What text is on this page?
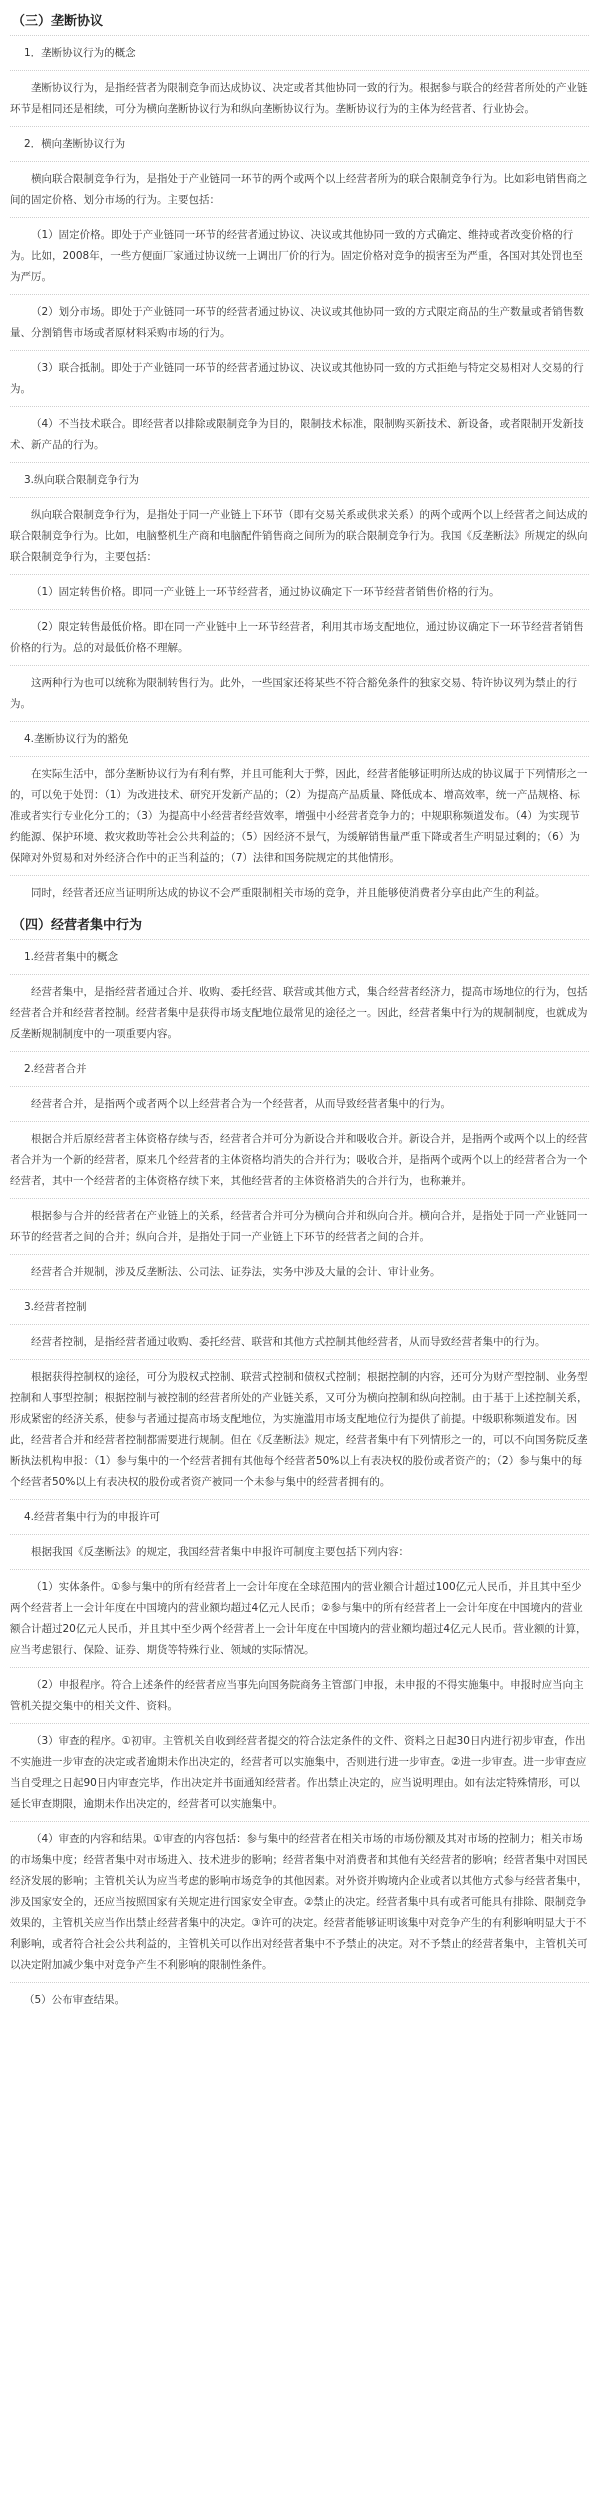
（三）垄断协议
1．垄断协议行为的概念
垄断协议行为，是指经营者为限制竞争而达成协议、决定或者其他协同一致的行为。根据参与联合的经营者所处的产业链环节是相同还是相续，可分为横向垄断协议行为和纵向垄断协议行为。垄断协议行为的主体为经营者、行业协会。
2．横向垄断协议行为
横向联合限制竞争行为，是指处于产业链同一环节的两个或两个以上经营者所为的联合限制竞争行为。比如彩电销售商之间的固定价格、划分市场的行为。主要包括：
（1）固定价格。即处于产业链同一环节的经营者通过协议、决议或其他协同一致的方式确定、维持或者改变价格的行为。比如，2008年，一些方便面厂家通过协议统一上调出厂价的行为。固定价格对竞争的损害至为严重，各国对其处罚也至为严厉。
（2）划分市场。即处于产业链同一环节的经营者通过协议、决议或其他协同一致的方式限定商品的生产数量或者销售数量、分割销售市场或者原材料采购市场的行为。
（3）联合抵制。即处于产业链同一环节的经营者通过协议、决议或其他协同一致的方式拒绝与特定交易相对人交易的行为。
（4）不当技术联合。即经营者以排除或限制竞争为目的，限制技术标准，限制购买新技术、新设备，或者限制开发新技术、新产品的行为。
3.纵向联合限制竞争行为
纵向联合限制竞争行为，是指处于同一产业链上下环节（即有交易关系或供求关系）的两个或两个以上经营者之间达成的联合限制竞争行为。比如，电脑整机生产商和电脑配件销售商之间所为的联合限制竞争行为。我国《反垄断法》所规定的纵向联合限制竞争行为，主要包括：
（1）固定转售价格。即同一产业链上一环节经营者，通过协议确定下一环节经营者销售价格的行为。
（2）限定转售最低价格。即在同一产业链中上一环节经营者，利用其市场支配地位，通过协议确定下一环节经营者销售价格的行为。总的对最低价格不理解。
这两种行为也可以统称为限制转售行为。此外，一些国家还将某些不符合豁免条件的独家交易、特许协议列为禁止的行为。
4.垄断协议行为的豁免
在实际生活中，部分垄断协议行为有利有弊，并且可能利大于弊，因此，经营者能够证明所达成的协议属于下列情形之一的，可以免于处罚：（1）为改进技术、研究开发新产品的；（2）为提高产品质量、降低成本、增高效率，统一产品规格、标准或者实行专业化分工的；（3）为提高中小经营者经营效率，增强中小经营者竞争力的；中规职称频道发布。（4）为实现节约能源、保护环境、救灾救助等社会公共利益的；（5）因经济不景气，为缓解销售量严重下降或者生产明显过剩的；（6）为保障对外贸易和对外经济合作中的正当利益的；（7）法律和国务院规定的其他情形。
同时，经营者还应当证明所达成的协议不会严重限制相关市场的竞争，并且能够使消费者分享由此产生的利益。
（四）经营者集中行为
1.经营者集中的概念
经营者集中，是指经营者通过合并、收购、委托经营、联营或其他方式，集合经营者经济力，提高市场地位的行为，包括经营者合并和经营者控制。经营者集中是获得市场支配地位最常见的途径之一。因此，经营者集中行为的规制制度，也就成为反垄断规制制度中的一项重要内容。
2.经营者合并
经营者合并，是指两个或者两个以上经营者合为一个经营者，从而导致经营者集中的行为。
根据合并后原经营者主体资格存续与否，经营者合并可分为新设合并和吸收合并。新设合并，是指两个或两个以上的经营者合并为一个新的经营者，原来几个经营者的主体资格均消失的合并行为；吸收合并，是指两个或两个以上的经营者合为一个经营者，其中一个经营者的主体资格存续下来，其他经营者的主体资格消失的合并行为，也称兼并。
根据参与合并的经营者在产业链上的关系，经营者合并可分为横向合并和纵向合并。横向合并，是指处于同一产业链同一环节的经营者之间的合并；纵向合并，是指处于同一产业链上下环节的经营者之间的合并。
经营者合并规制，涉及反垄断法、公司法、证券法，实务中涉及大量的会计、审计业务。
3.经营者控制
经营者控制，是指经营者通过收购、委托经营、联营和其他方式控制其他经营者，从而导致经营者集中的行为。
根据获得控制权的途径，可分为股权式控制、联营式控制和债权式控制；根据控制的内容，还可分为财产型控制、业务型控制和人事型控制；根据控制与被控制的经营者所处的产业链关系，又可分为横向控制和纵向控制。由于基于上述控制关系，形成紧密的经济关系，使参与者通过提高市场支配地位，为实施滥用市场支配地位行为提供了前提。中级职称频道发布。因此，经营者合并和经营者控制都需要进行规制。但在《反垄断法》规定，经营者集中有下列情形之一的，可以不向国务院反垄断执法机构申报：（1）参与集中的一个经营者拥有其他每个经营者50%以上有表决权的股份或者资产的；（2）参与集中的每个经营者50%以上有表决权的股份或者资产被同一个未参与集中的经营者拥有的。
4.经营者集中行为的申报许可
根据我国《反垄断法》的规定，我国经营者集中申报许可制度主要包括下列内容：
（1）实体条件。①参与集中的所有经营者上一会计年度在全球范围内的营业额合计超过100亿元人民币，并且其中至少两个经营者上一会计年度在中国境内的营业额均超过4亿元人民币；②参与集中的所有经营者上一会计年度在中国境内的营业额合计超过20亿元人民币，并且其中至少两个经营者上一会计年度在中国境内的营业额均超过4亿元人民币。营业额的计算，应当考虑银行、保险、证券、期货等特殊行业、领域的实际情况。
（2）申报程序。符合上述条件的经营者应当事先向国务院商务主管部门申报，未申报的不得实施集中。申报时应当向主管机关提交集中的相关文件、资料。
（3）审查的程序。①初审。主管机关自收到经营者提交的符合法定条件的文件、资料之日起30日内进行初步审查，作出不实施进一步审查的决定或者逾期未作出决定的，经营者可以实施集中，否则进行进一步审查。②进一步审查。进一步审查应当自受理之日起90日内审查完毕，作出决定并书面通知经营者。作出禁止决定的，应当说明理由。如有法定特殊情形，可以延长审查期限，逾期未作出决定的，经营者可以实施集中。
（4）审查的内容和结果。①审查的内容包括：参与集中的经营者在相关市场的市场份额及其对市场的控制力；相关市场的市场集中度；经营者集中对市场进入、技术进步的影响；经营者集中对消费者和其他有关经营者的影响；经营者集中对国民经济发展的影响；主管机关认为应当考虑的影响市场竞争的其他因素。对外资并购境内企业或者以其他方式参与经营者集中，涉及国家安全的，还应当按照国家有关规定进行国家安全审查。②禁止的决定。经营者集中具有或者可能具有排除、限制竞争效果的，主管机关应当作出禁止经营者集中的决定。③许可的决定。经营者能够证明该集中对竞争产生的有利影响明显大于不利影响，或者符合社会公共利益的，主管机关可以作出对经营者集中不予禁止的决定。对不予禁止的经营者集中，主管机关可以决定附加减少集中对竞争产生不利影响的限制性条件。
（5）公布审查结果。
